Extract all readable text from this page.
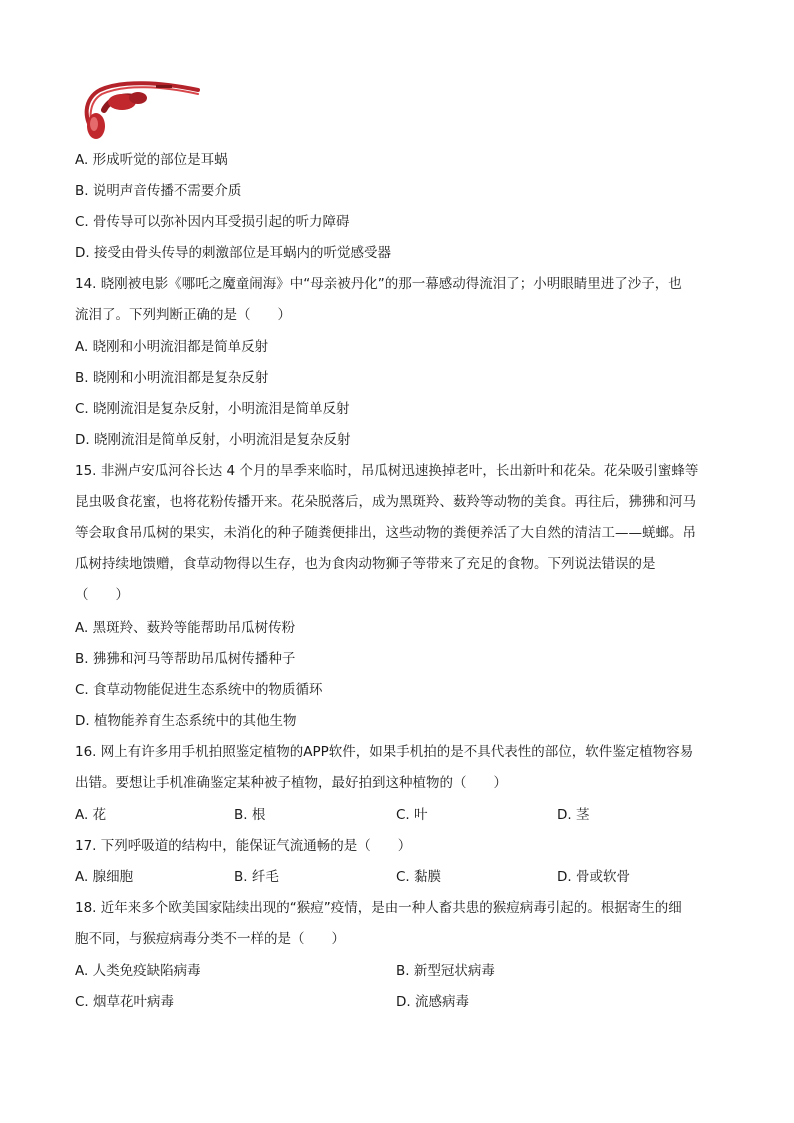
A. 形成听觉的部位是耳蜗
B. 说明声音传播不需要介质
C. 骨传导可以弥补因内耳受损引起的听力障碍
D. 接受由骨头传导的刺激部位是耳蜗内的听觉感受器
14. 晓刚被电影《哪吒之魔童闹海》中“母亲被丹化”的那一幕感动得流泪了；小明眼睛里进了沙子，也
流泪了。下列判断正确的是（　　）
A. 晓刚和小明流泪都是简单反射
B. 晓刚和小明流泪都是复杂反射
C. 晓刚流泪是复杂反射，小明流泪是简单反射
D. 晓刚流泪是简单反射，小明流泪是复杂反射
15. 非洲卢安瓜河谷长达 4 个月的旱季来临时，吊瓜树迅速换掉老叶，长出新叶和花朵。花朵吸引蜜蜂等
昆虫吸食花蜜，也将花粉传播开来。花朵脱落后，成为黑斑羚、薮羚等动物的美食。再往后，狒狒和河马
等会取食吊瓜树的果实，未消化的种子随粪便排出，这些动物的粪便养活了大自然的清洁工——蜣螂。吊
瓜树持续地馈赠，食草动物得以生存，也为食肉动物狮子等带来了充足的食物。下列说法错误的是
（　　）
A. 黑斑羚、薮羚等能帮助吊瓜树传粉
B. 狒狒和河马等帮助吊瓜树传播种子
C. 食草动物能促进生态系统中的物质循环
D. 植物能养育生态系统中的其他生物
16. 网上有许多用手机拍照鉴定植物的APP软件，如果手机拍的是不具代表性的部位，软件鉴定植物容易
出错。要想让手机准确鉴定某种被子植物，最好拍到这种植物的（　　）
A. 花	B. 根	C. 叶	D. 茎
17. 下列呼吸道的结构中，能保证气流通畅的是（　　）
A. 腺细胞	B. 纤毛	C. 黏膜	D. 骨或软骨
18. 近年来多个欧美国家陆续出现的“猴痘”疫情，是由一种人畜共患的猴痘病毒引起的。根据寄生的细
胞不同，与猴痘病毒分类不一样的是（　　）
A. 人类免疫缺陷病毒	B. 新型冠状病毒
C. 烟草花叶病毒	D. 流感病毒
